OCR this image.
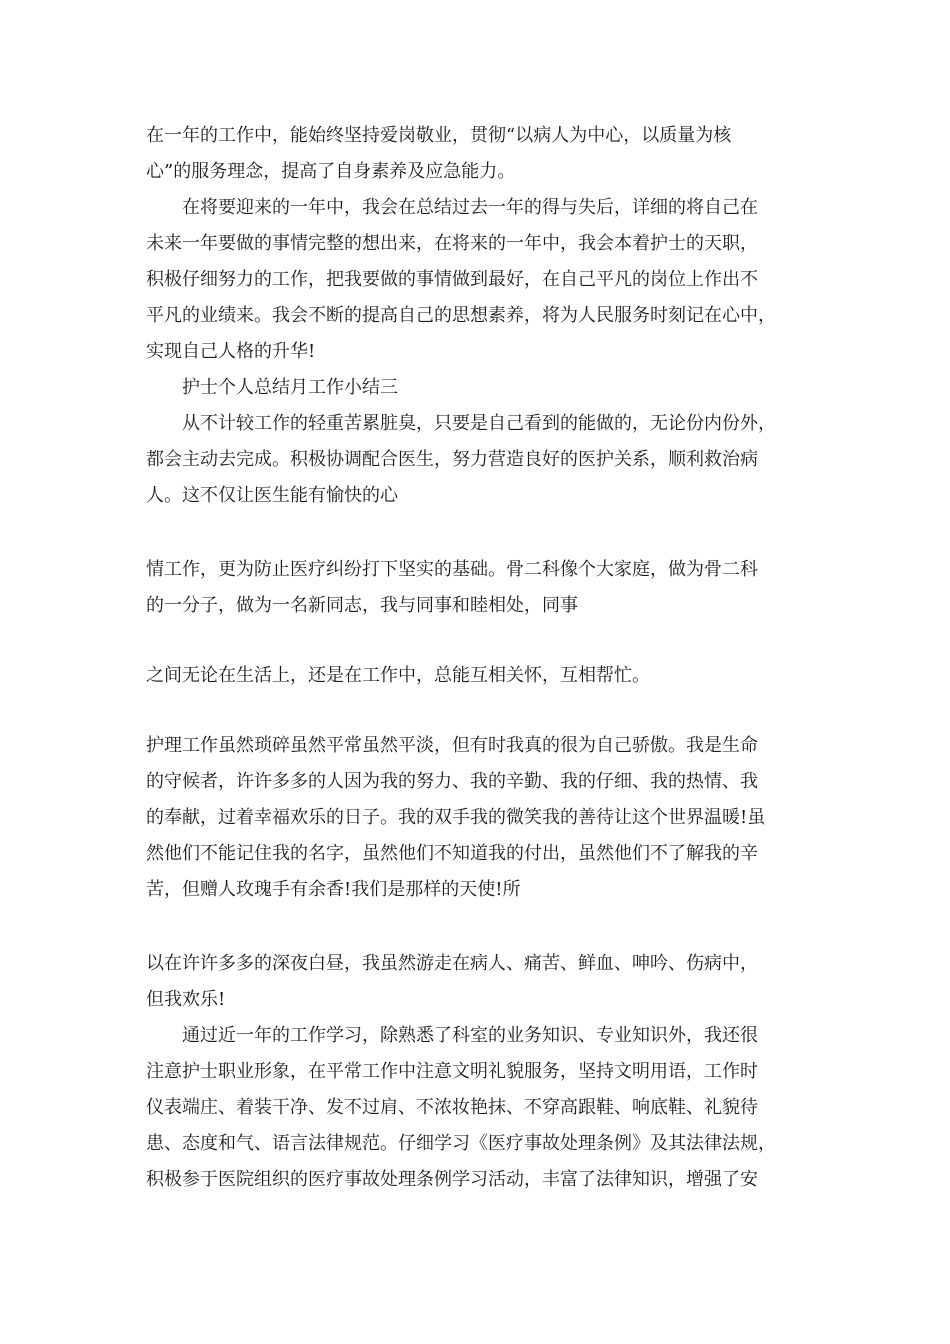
在一年的工作中，能始终坚持爱岗敬业，贯彻“以病人为中心，以质量为核
心”的服务理念，提高了自身素养及应急能力。
在将要迎来的一年中，我会在总结过去一年的得与失后，详细的将自己在
未来一年要做的事情完整的想出来，在将来的一年中，我会本着护士的天职，
积极仔细努力的工作，把我要做的事情做到最好，在自己平凡的岗位上作出不
平凡的业绩来。我会不断的提高自己的思想素养，将为人民服务时刻记在心中，
实现自己人格的升华!
护士个人总结月工作小结三
从不计较工作的轻重苦累脏臭，只要是自己看到的能做的，无论份内份外，
都会主动去完成。积极协调配合医生，努力营造良好的医护关系，顺利救治病
人。这不仅让医生能有愉快的心
情工作，更为防止医疗纠纷打下坚实的基础。骨二科像个大家庭，做为骨二科
的一分子，做为一名新同志，我与同事和睦相处，同事
之间无论在生活上，还是在工作中，总能互相关怀，互相帮忙。
护理工作虽然琐碎虽然平常虽然平淡，但有时我真的很为自己骄傲。我是生命
的守候者，许许多多的人因为我的努力、我的辛勤、我的仔细、我的热情、我
的奉献，过着幸福欢乐的日子。我的双手我的微笑我的善待让这个世界温暖!虽
然他们不能记住我的名字，虽然他们不知道我的付出，虽然他们不了解我的辛
苦，但赠人玫瑰手有余香!我们是那样的天使!所
以在许许多多的深夜白昼，我虽然游走在病人、痛苦、鲜血、呻吟、伤病中，
但我欢乐!
通过近一年的工作学习，除熟悉了科室的业务知识、专业知识外，我还很
注意护士职业形象，在平常工作中注意文明礼貌服务，坚持文明用语，工作时
仪表端庄、着装干净、发不过肩、不浓妆艳抹、不穿高跟鞋、响底鞋、礼貌待
患、态度和气、语言法律规范。仔细学习《医疗事故处理条例》及其法律法规，
积极参于医院组织的医疗事故处理条例学习活动，丰富了法律知识，增强了安
